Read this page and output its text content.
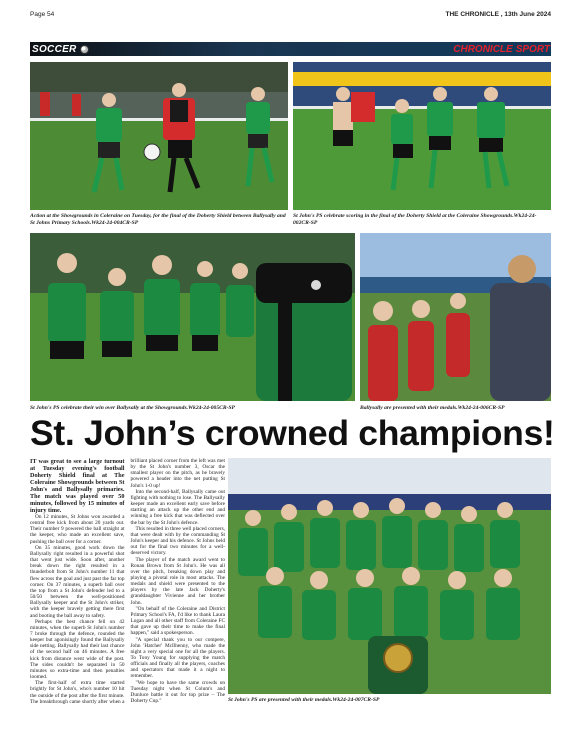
Page 54	THE CHRONICLE , 13th June 2024
SOCCER	CHRONICLE SPORT
Action at the Showgrounds in Coleraine on Tuesday, for the final of the Doherty Shield between Ballysally and St Johns Primary Schools.Wk24-24-004CR-SP
St John's PS celebrate scoring in the final of the Doherty Shield at the Coleraine Showgrounds.Wk24-24-002CR-SP
St John's PS celebrate their win over Ballysally at the Showgrounds.Wk24-24-005CR-SP	Ballysally are presented with their medals.Wk24-24-006CR-SP
St. John’s crowned champions!

IT was great to see a large turnout at Tuesday evening's football Doherty Shield final at The Coleraine Showgrounds between St John's and Ballysally primaries. The match was played over 50 minutes, followed by 15 minutes of injury time.

On 12 minutes, St Johns won awarded a central free kick from about 20 yards out. Their number 9 powered the ball straight at the keeper, who made an excellent save, pushing the ball over for a corner.

On 35 minutes, good work down the Ballysally right resulted in a powerful shot that went just wide. Soon after, another break down the right resulted in a thunderbolt from St John's number 11 that flew across the goal and just past the far top corner. On 37 minutes, a superb ball over the top from a St John's defender led to a 50/50 between the well-positioned Ballysally keeper and the St John's striker, with the keeper bravely getting there first and booting the ball away to safety.

Perhaps the best chance fell on 42 minutes, when the superb St John's number 7 broke through the defence, rounded the keeper but agonisingly found the Ballysally side netting. Ballysally had their last chance of the second half on 46 minutes. A free kick from distance went wide of the post. The sides couldn't be separated in 50 minutes so extra-time and then penalties loomed.

The first-half of extra time started brightly for St John's, who's number 10 hit the outside of the post after the first minute. The breakthrough came shortly after when a brilliant placed corner from the left was met by the St John's number 3, Oscar the smallest player on the pitch, as he bravely powered a header into the net putting St John's 1-0 up!

Into the second-half, Ballysally came out fighting with nothing to lose. The Ballysally keeper made an excellent early save before starting an attack up the other end and winning a free kick that was deflected over the bar by the St John's defence.

This resulted in three well placed corners, that were dealt with by the commanding St John's keeper and his defence. St Johns held out for the final two minutes for a well-deserved victory.

The player of the match award went to Ronan Brown from St John's. He was all over the pitch, breaking down play and playing a pivotal role in most attacks. The medals and shield were presented to the players by the late Jack Doherty's granddaughter Vivienne and her brother John.

"On behalf of the Coleraine and District Primary School's FA, I'd like to thank Laura Logan and all other staff from Coleraine FC that gave up their time to make the final happen," said a spokesperson.

"A special thank you to our compere, John 'Hatcher' McIlhenny, who made the night a very special one for all the players. To Tony Young for supplying the match officials and finally all the players, coaches and spectators that made it a night to remember.

"We hope to have the same crowds on Tuesday night when St Colum's and Dunluce battle it out for top prize – The Doherty Cup."	St John's PS are presented with their medals.Wk24-24-007CR-SP
